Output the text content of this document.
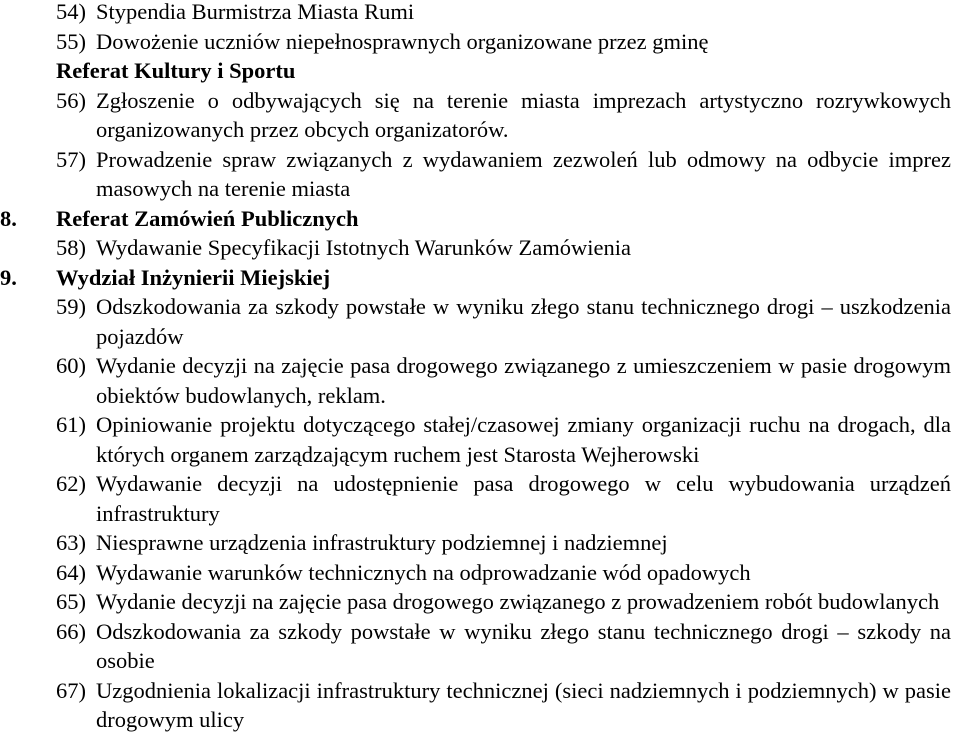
54) Stypendia Burmistrza Miasta Rumi
55) Dowożenie uczniów niepełnosprawnych organizowane przez gminę
Referat Kultury i Sportu
56) Zgłoszenie o odbywających się na terenie miasta imprezach artystyczno rozrywkowych organizowanych przez obcych organizatorów.
57) Prowadzenie spraw związanych z wydawaniem zezwoleń lub odmowy na odbycie imprez masowych na terenie miasta
8.	Referat Zamówień Publicznych
58) Wydawanie Specyfikacji Istotnych Warunków Zamówienia
9.	Wydział Inżynierii Miejskiej
59) Odszkodowania za szkody powstałe w wyniku złego stanu technicznego drogi – uszkodzenia pojazdów
60) Wydanie decyzji na zajęcie pasa drogowego związanego z umieszczeniem w pasie drogowym obiektów budowlanych, reklam.
61) Opiniowanie projektu dotyczącego stałej/czasowej zmiany organizacji ruchu na drogach, dla których organem zarządzającym ruchem jest Starosta Wejherowski
62) Wydawanie decyzji na udostępnienie pasa drogowego w celu wybudowania urządzeń infrastruktury
63) Niesprawne urządzenia infrastruktury podziemnej i nadziemnej
64) Wydawanie warunków technicznych na odprowadzanie wód opadowych
65) Wydanie decyzji na zajęcie pasa drogowego związanego z prowadzeniem robót budowlanych
66) Odszkodowania za szkody powstałe w wyniku złego stanu technicznego drogi – szkody na osobie
67) Uzgodnienia lokalizacji infrastruktury technicznej (sieci nadziemnych i podziemnych) w pasie drogowym ulicy
